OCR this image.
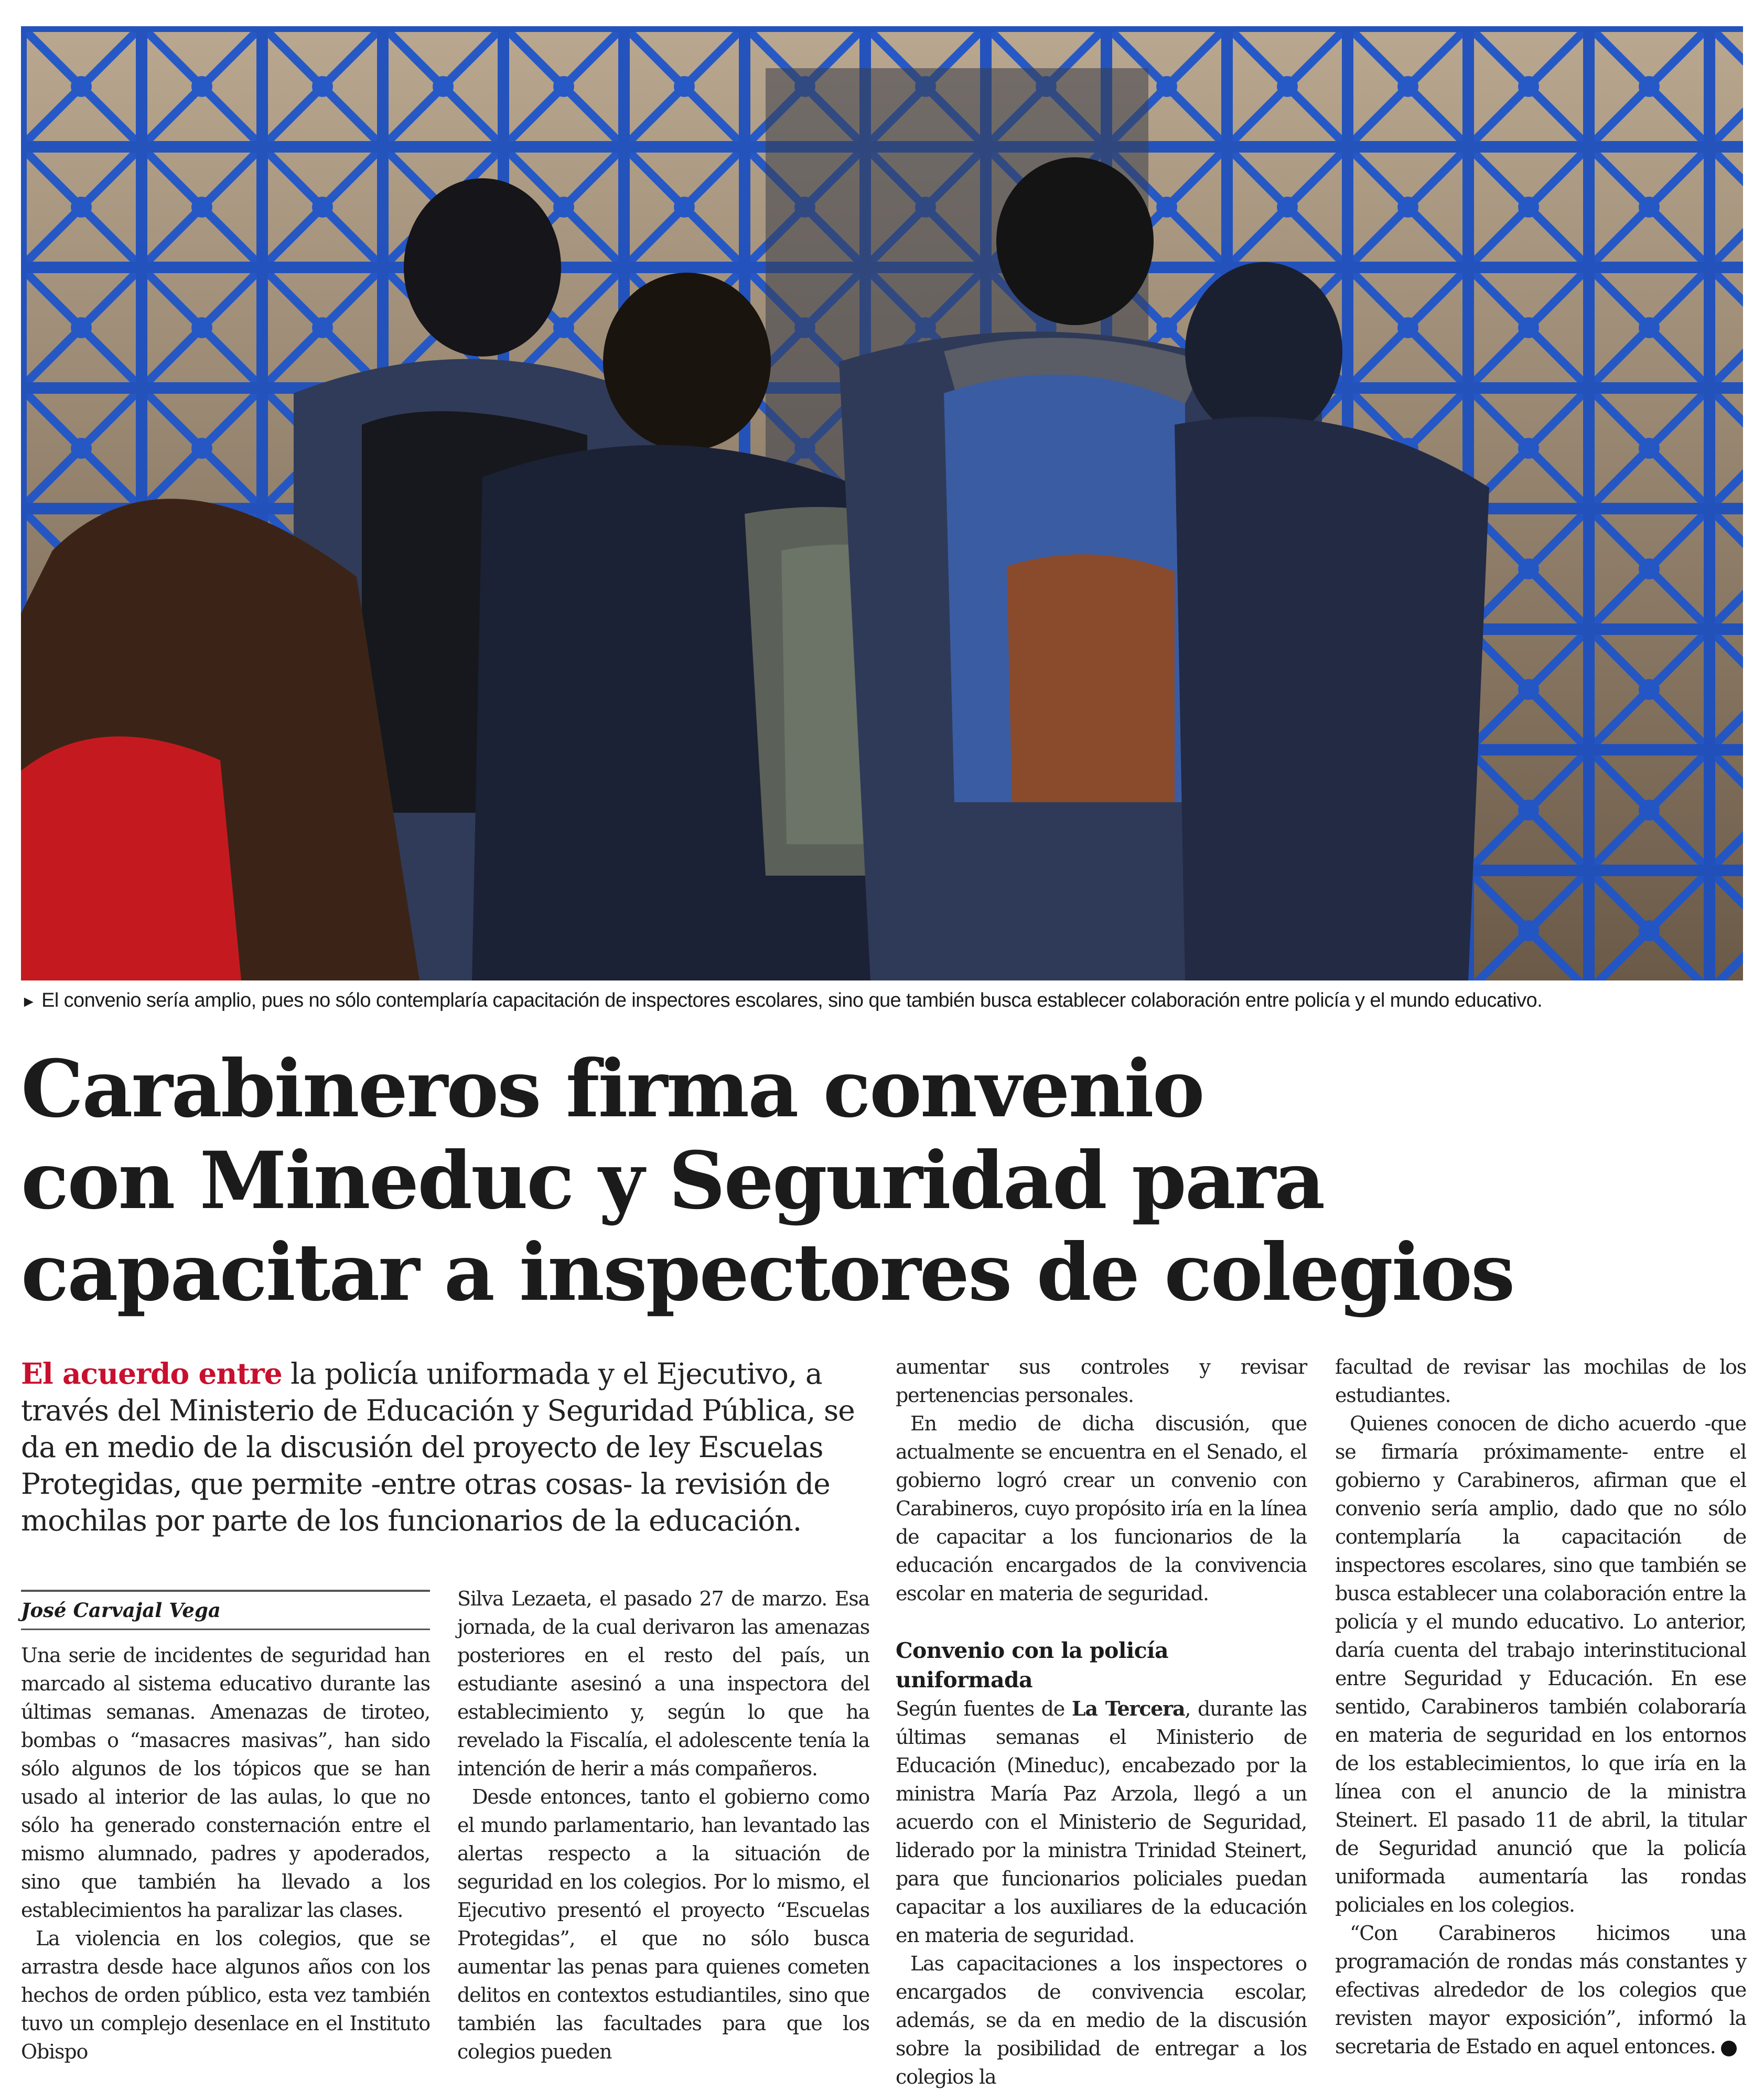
► El convenio sería amplio, pues no sólo contemplaría capacitación de inspectores escolares, sino que también busca establecer colaboración entre policía y el mundo educativo.
Carabineros firma convenio
con Mineduc y Seguridad para
capacitar a inspectores de colegios
El acuerdo entre la policía uniformada y el Ejecutivo, a través del Ministerio de Educación y Seguridad Pública, se da en medio de la discusión del proyecto de ley Escuelas Protegidas, que permite -entre otras cosas- la revisión de mochilas por parte de los funcionarios de la educación.
José Carvajal Vega

Una serie de incidentes de seguridad han marcado al sistema educativo durante las últimas semanas. Amenazas de tiroteo, bombas o “masacres masivas”, han sido sólo algunos de los tópicos que se han usado al interior de las aulas, lo que no sólo ha generado consternación entre el mismo alumnado, padres y apoderados, sino que también ha llevado a los establecimientos ha paralizar las clases.

La violencia en los colegios, que se arrastra desde hace algunos años con los hechos de orden público, esta vez también tuvo un complejo desenlace en el Instituto Obispo

Silva Lezaeta, el pasado 27 de marzo. Esa jornada, de la cual derivaron las amenazas posteriores en el resto del país, un estudiante asesinó a una inspectora del establecimiento y, según lo que ha revelado la Fiscalía, el adolescente tenía la intención de herir a más compañeros.

Desde entonces, tanto el gobierno como el mundo parlamentario, han levantado las alertas respecto a la situación de seguridad en los colegios. Por lo mismo, el Ejecutivo presentó el proyecto “Escuelas Protegidas”, el que no sólo busca aumentar las penas para quienes cometen delitos en contextos estudiantiles, sino que también las facultades para que los colegios pueden

aumentar sus controles y revisar pertenencias personales.

En medio de dicha discusión, que actualmente se encuentra en el Senado, el gobierno logró crear un convenio con Carabineros, cuyo propósito iría en la línea de capacitar a los funcionarios de la educación encargados de la convivencia escolar en materia de seguridad.

Convenio con la policía uniformada

Según fuentes de La Tercera, durante las últimas semanas el Ministerio de Educación (Mineduc), encabezado por la ministra María Paz Arzola, llegó a un acuerdo con el Ministerio de Seguridad, liderado por la ministra Trinidad Steinert, para que funcionarios policiales puedan capacitar a los auxiliares de la educación en materia de seguridad.

Las capacitaciones a los inspectores o encargados de convivencia escolar, además, se da en medio de la discusión sobre la posibilidad de entregar a los colegios la

facultad de revisar las mochilas de los estudiantes.

Quienes conocen de dicho acuerdo -que se firmaría próximamente- entre el gobierno y Carabineros, afirman que el convenio sería amplio, dado que no sólo contemplaría la capacitación de inspectores escolares, sino que también se busca establecer una colaboración entre la policía y el mundo educativo. Lo anterior, daría cuenta del trabajo interinstitucional entre Seguridad y Educación. En ese sentido, Carabineros también colaboraría en materia de seguridad en los entornos de los establecimientos, lo que iría en la línea con el anuncio de la ministra Steinert. El pasado 11 de abril, la titular de Seguridad anunció que la policía uniformada aumentaría las rondas policiales en los colegios.

“Con Carabineros hicimos una programación de rondas más constantes y efectivas alrededor de los colegios que revisten mayor exposición”, informó la secretaria de Estado en aquel entonces.
